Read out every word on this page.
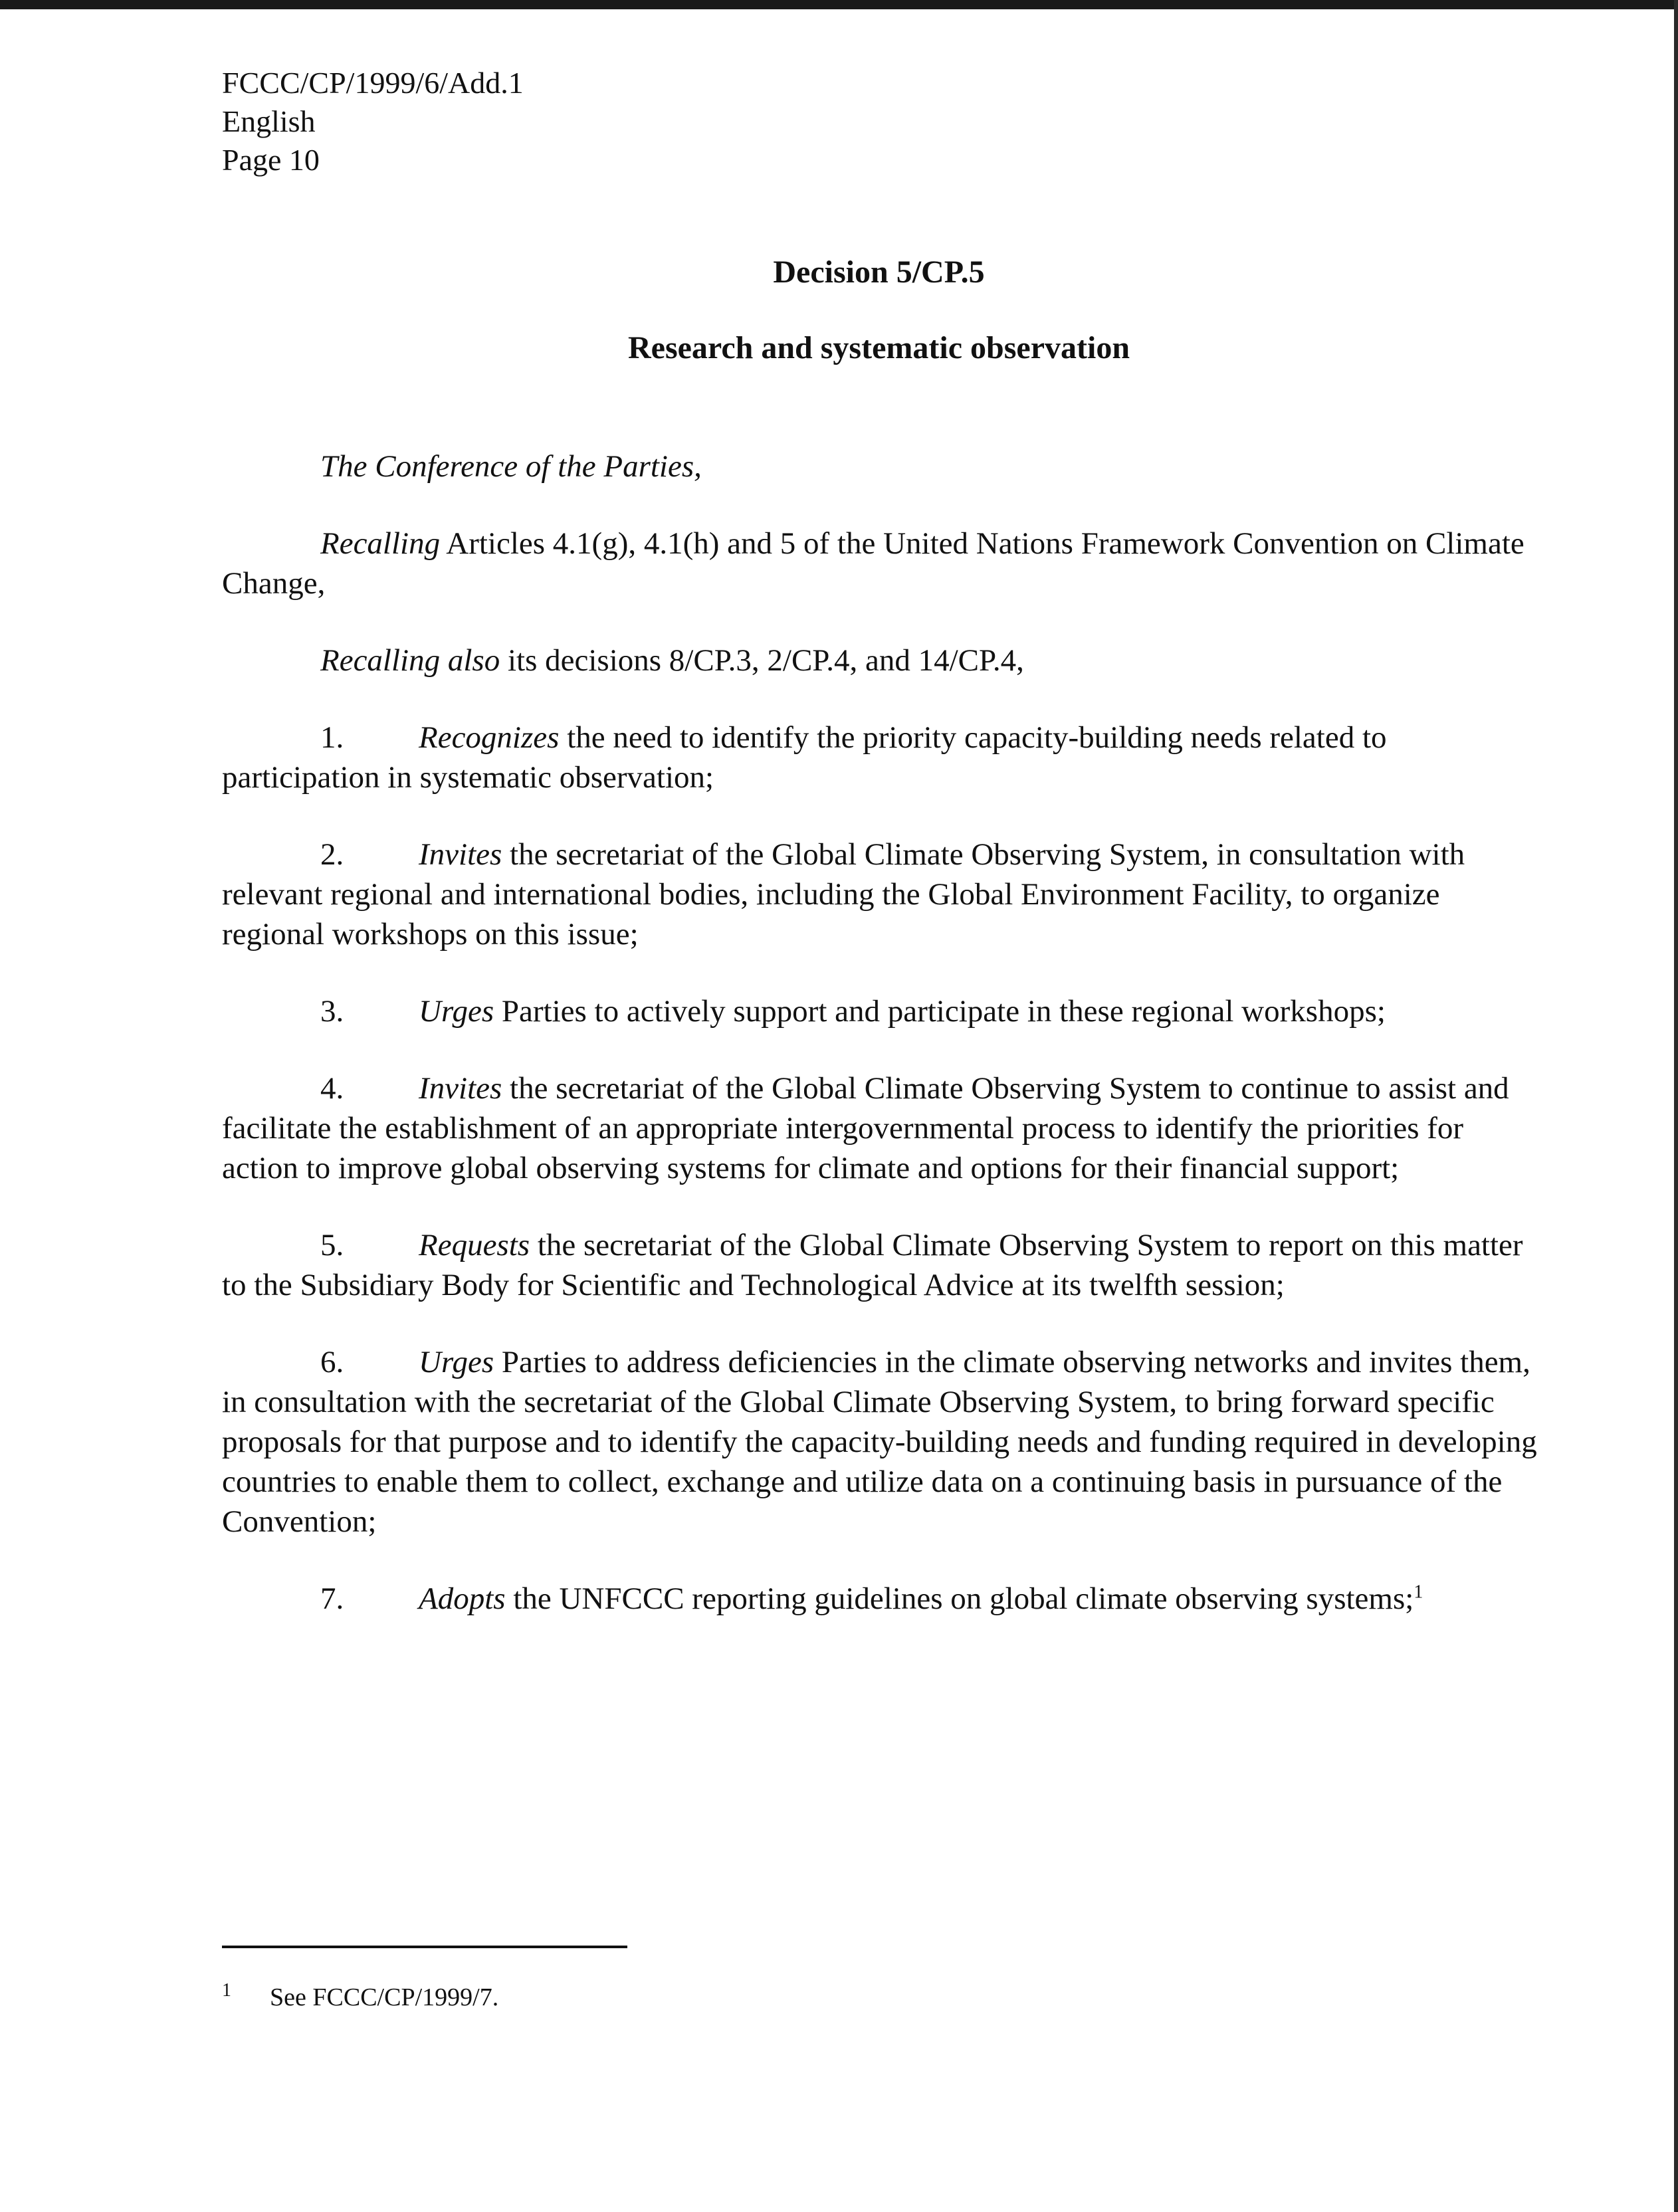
FCCC/CP/1999/6/Add.1
English
Page 10
Decision 5/CP.5
Research and systematic observation

The Conference of the Parties,

Recalling Articles 4.1(g), 4.1(h) and 5 of the United Nations Framework Convention on Climate Change,

Recalling also its decisions 8/CP.3, 2/CP.4, and 14/CP.4,

1. Recognizes the need to identify the priority capacity-building needs related to participation in systematic observation;

2. Invites the secretariat of the Global Climate Observing System, in consultation with relevant regional and international bodies, including the Global Environment Facility, to organize regional workshops on this issue;

3. Urges Parties to actively support and participate in these regional workshops;

4. Invites the secretariat of the Global Climate Observing System to continue to assist and facilitate the establishment of an appropriate intergovernmental process to identify the priorities for action to improve global observing systems for climate and options for their financial support;

5. Requests the secretariat of the Global Climate Observing System to report on this matter to the Subsidiary Body for Scientific and Technological Advice at its twelfth session;

6. Urges Parties to address deficiencies in the climate observing networks and invites them, in consultation with the secretariat of the Global Climate Observing System, to bring forward specific proposals for that purpose and to identify the capacity-building needs and funding required in developing countries to enable them to collect, exchange and utilize data on a continuing basis in pursuance of the Convention;

7. Adopts the UNFCCC reporting guidelines on global climate observing systems;$^1$

1 See FCCC/CP/1999/7.
